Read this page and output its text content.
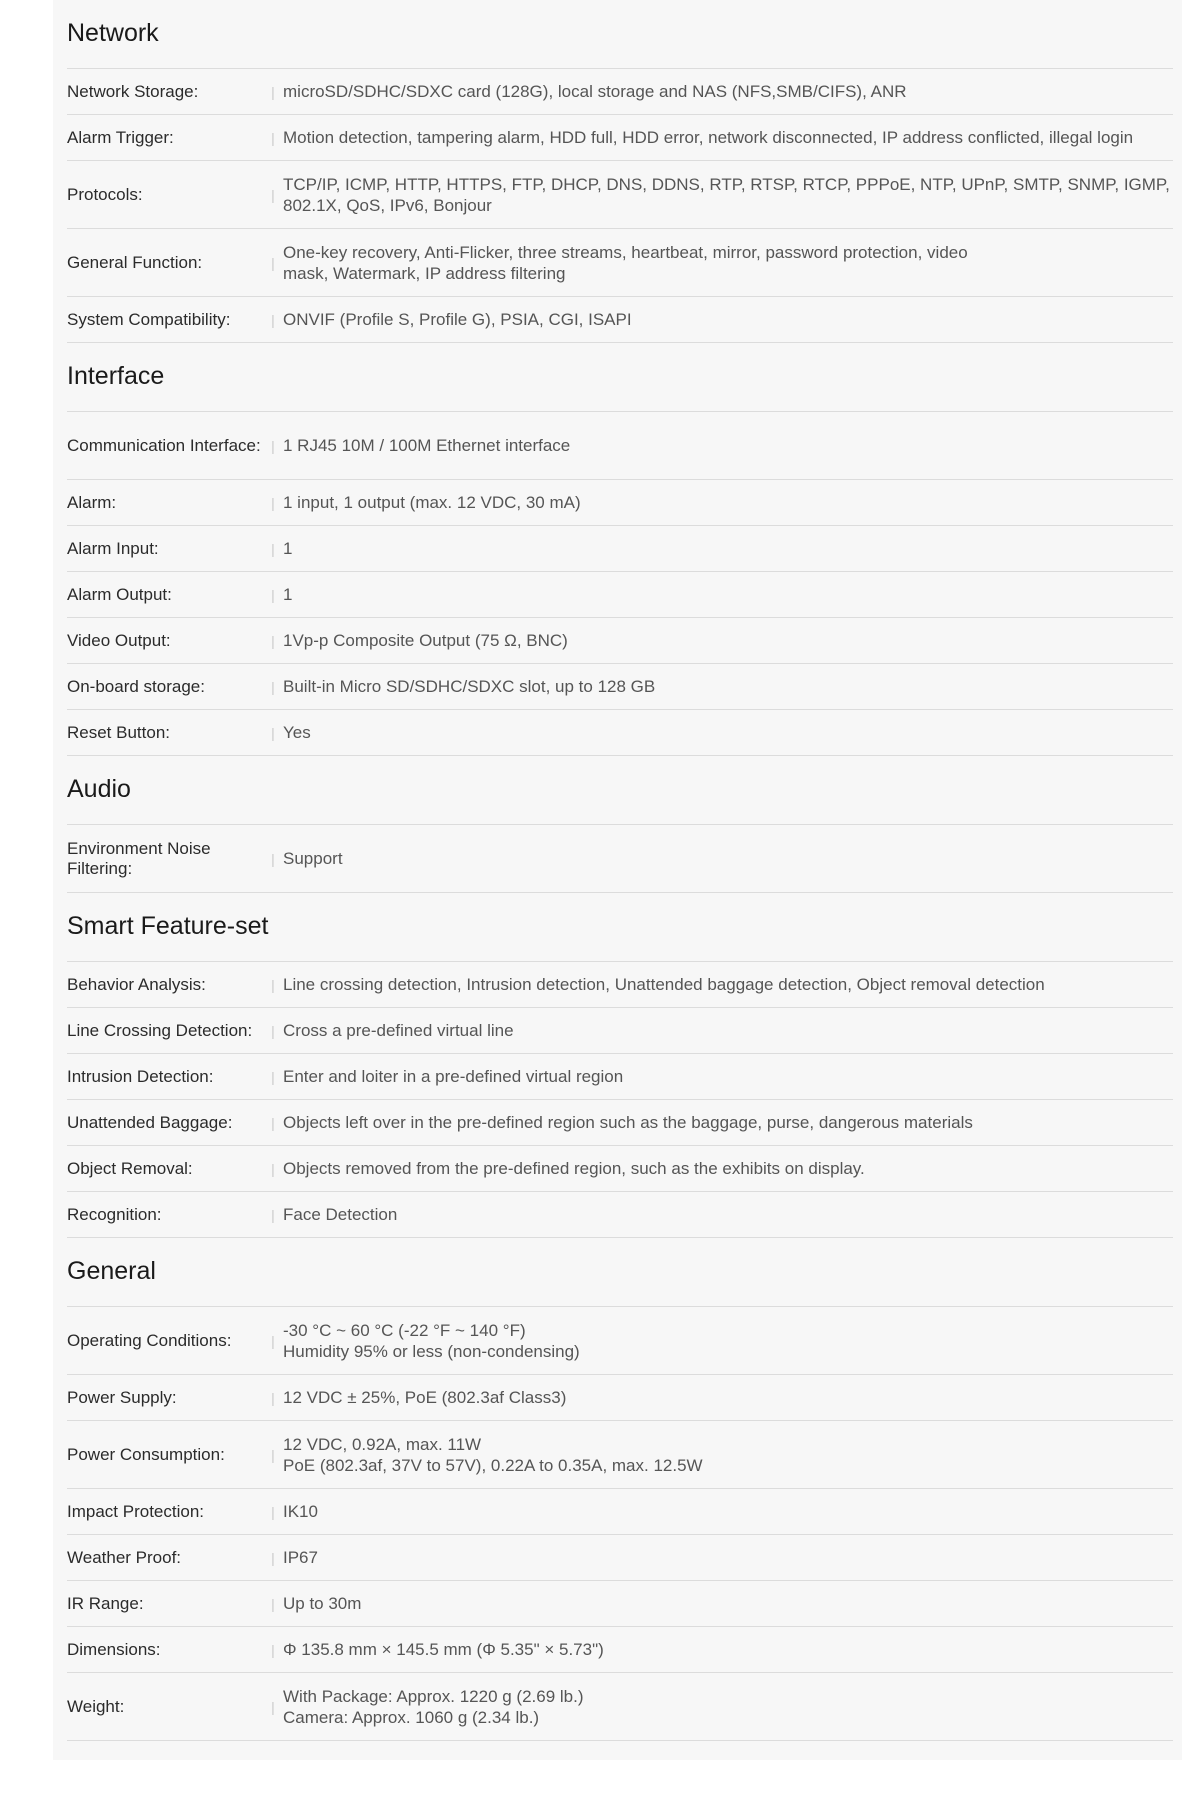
Network
Network Storage:	| microSD/SDHC/SDXC card (128G), local storage and NAS (NFS,SMB/CIFS), ANR
Alarm Trigger:	| Motion detection, tampering alarm, HDD full, HDD error, network disconnected, IP address conflicted, illegal login
Protocols:	|
TCP/IP, ICMP, HTTP, HTTPS, FTP, DHCP, DNS, DDNS, RTP, RTSP, RTCP, PPPoE, NTP, UPnP, SMTP, SNMP, IGMP, 802.1X, QoS, IPv6, Bonjour
General Function:	|
One-key recovery, Anti-Flicker, three streams, heartbeat, mirror, password protection, video
mask, Watermark, IP address filtering
System Compatibility:	| ONVIF (Profile S, Profile G), PSIA, CGI, ISAPI
Interface
Communication Interface: | 1 RJ45 10M / 100M Ethernet interface
Alarm:	| 1 input, 1 output (max. 12 VDC, 30 mA)
Alarm Input:	| 1
Alarm Output:	| 1
Video Output:	| 1Vp-p Composite Output (75 Ω, BNC)
On-board storage:	| Built-in Micro SD/SDHC/SDXC slot, up to 128 GB
Reset Button:	| Yes
Audio
Environment Noise Filtering:	| Support
Smart Feature-set
Behavior Analysis:	| Line crossing detection, Intrusion detection, Unattended baggage detection, Object removal detection
Line Crossing Detection:	| Cross a pre-defined virtual line
Intrusion Detection:	| Enter and loiter in a pre-defined virtual region
Unattended Baggage:	| Objects left over in the pre-defined region such as the baggage, purse, dangerous materials
Object Removal:	| Objects removed from the pre-defined region, such as the exhibits on display.
Recognition:	| Face Detection
General
Operating Conditions:	|
-30 °C ~ 60 °C (-22 °F ~ 140 °F)
Humidity 95% or less (non-condensing)
Power Supply:	| 12 VDC ± 25%, PoE (802.3af Class3)
Power Consumption:	|
12 VDC, 0.92A, max. 11W
PoE (802.3af, 37V to 57V), 0.22A to 0.35A, max. 12.5W
Impact Protection:	| IK10
Weather Proof:	| IP67
IR Range:	| Up to 30m
Dimensions:	| Φ 135.8 mm × 145.5 mm (Φ 5.35" × 5.73")
Weight:	|
With Package: Approx. 1220 g (2.69 lb.)
Camera: Approx. 1060 g (2.34 lb.)
